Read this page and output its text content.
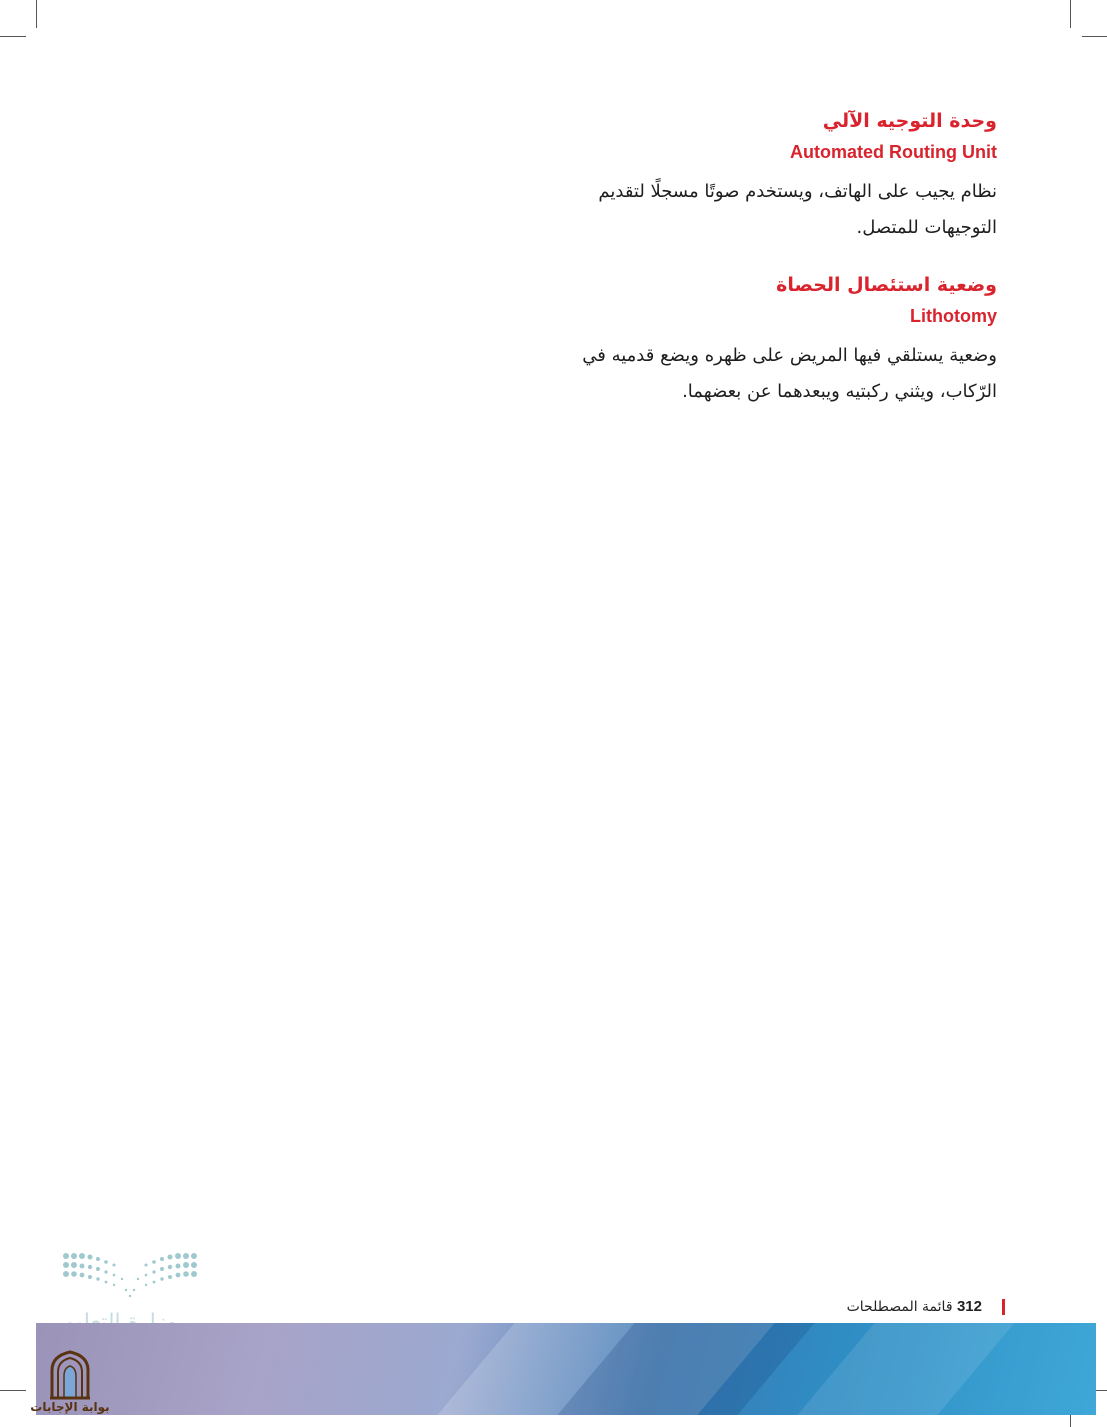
وحدة التوجيه الآلي
Automated Routing Unit

نظام يجيب على الهاتف، ويستخدم صوتًا مسجلًا لتقديم
التوجيهات للمتصل.

وضعية استئصال الحصاة
Lithotomy

وضعية يستلقي فيها المريض على ظهره ويضع قدميه في
الرّكاب، ويثني ركبتيه ويبعدهما عن بعضهما.

312 قائمة المصطلحات
بوابة الإجابات
